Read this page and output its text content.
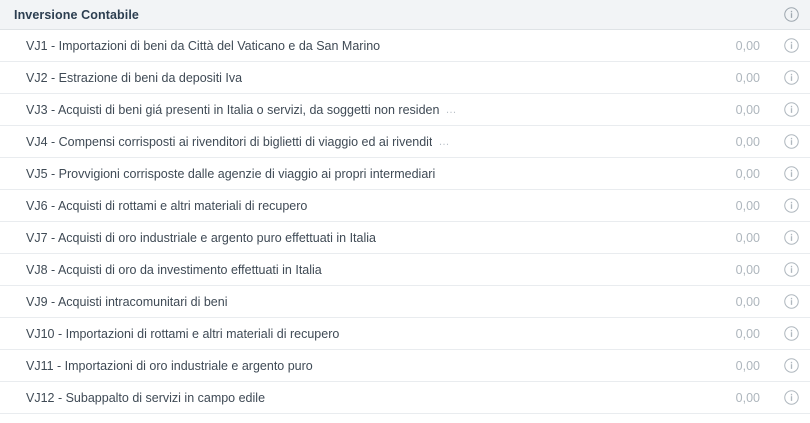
Inversione Contabile
VJ1 - Importazioni di beni da Città del Vaticano e da San Marino	0,00
VJ2 - Estrazione di beni da depositi Iva	0,00
VJ3 - Acquisti di beni giá presenti in Italia o servizi, da soggetti non residen …	0,00
VJ4 - Compensi corrisposti ai rivenditori di biglietti di viaggio ed ai rivendit …	0,00
VJ5 - Provvigioni corrisposte dalle agenzie di viaggio ai propri intermediari	0,00
VJ6 - Acquisti di rottami e altri materiali di recupero	0,00
VJ7 - Acquisti di oro industriale e argento puro effettuati in Italia	0,00
VJ8 - Acquisti di oro da investimento effettuati in Italia	0,00
VJ9 - Acquisti intracomunitari di beni	0,00
VJ10 - Importazioni di rottami e altri materiali di recupero	0,00
VJ11 - Importazioni di oro industriale e argento puro	0,00
VJ12 - Subappalto di servizi in campo edile	0,00
